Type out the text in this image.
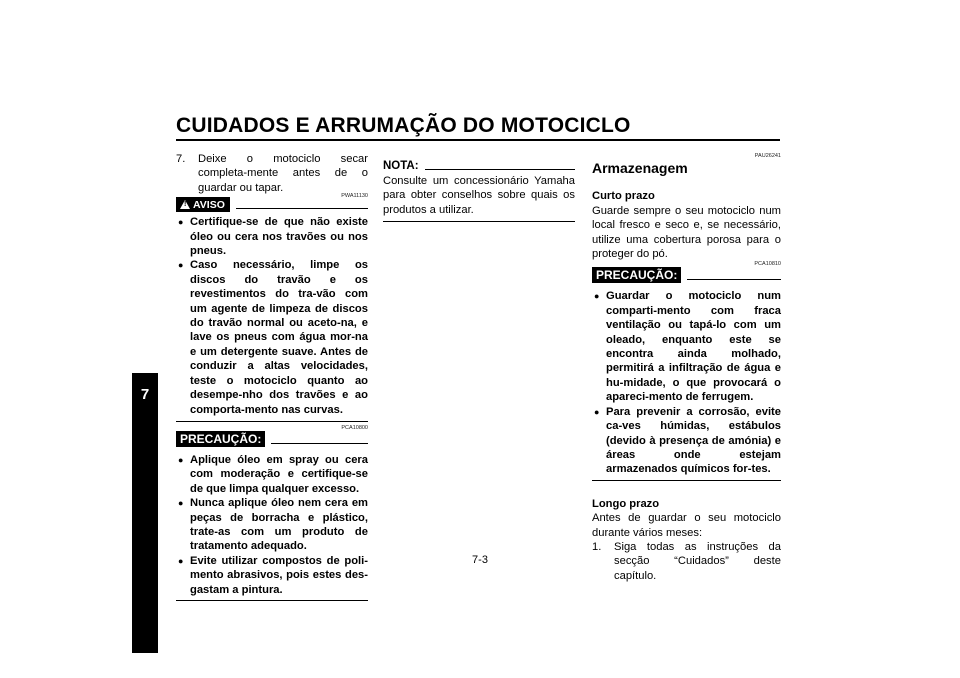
CUIDADOS E ARRUMAÇÃO DO MOTOCICLO
7
7-3
7.	Deixe o motociclo secar completa-mente antes de o guardar ou tapar.
PWA11130
! AVISO
● Certifique-se de que não existe óleo ou cera nos travões ou nos pneus.
● Caso necessário, limpe os discos do travão e os revestimentos do tra-vão com um agente de limpeza de discos do travão normal ou aceto-na, e lave os pneus com água mor-na e um detergente suave. Antes de conduzir a altas velocidades, teste o motociclo quanto ao desempe-nho dos travões e ao comporta-mento nas curvas.
PCA10800
PRECAUÇÃO:
● Aplique óleo em spray ou cera com moderação e certifique-se de que limpa qualquer excesso.
● Nunca aplique óleo nem cera em peças de borracha e plástico, trate-as com um produto de tratamento adequado.
● Evite utilizar compostos de poli-mento abrasivos, pois estes des-gastam a pintura.
NOTA:
Consulte um concessionário Yamaha para obter conselhos sobre quais os produtos a utilizar.
PAU26241
Armazenagem
Curto prazo
Guarde sempre o seu motociclo num local fresco e seco e, se necessário, utilize uma cobertura porosa para o proteger do pó.
PCA10810
PRECAUÇÃO:
● Guardar o motociclo num comparti-mento com fraca ventilação ou tapá-lo com um oleado, enquanto este se encontra ainda molhado, permitirá a infiltração de água e hu-midade, o que provocará o apareci-mento de ferrugem.
● Para prevenir a corrosão, evite ca-ves húmidas, estábulos (devido à presença de amónia) e áreas onde estejam armazenados químicos for-tes.
Longo prazo
Antes de guardar o seu motociclo durante vários meses:
1.	Siga todas as instruções da secção “Cuidados” deste capítulo.
